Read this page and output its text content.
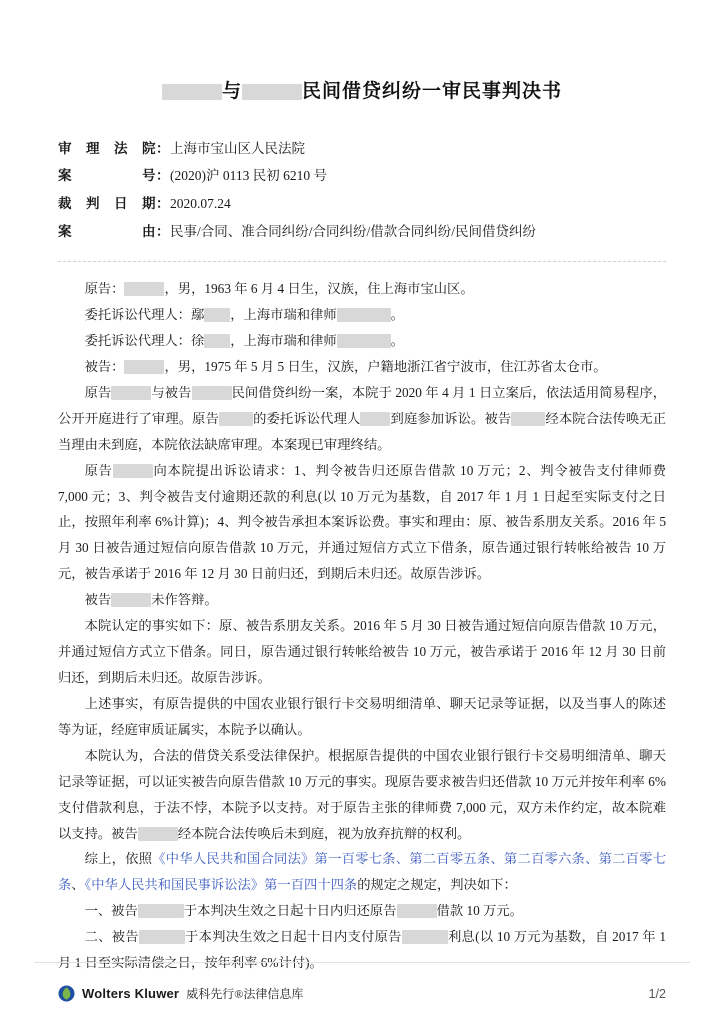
与	民间借贷纠纷一审民事判决书
审 理 法 院： 上海市宝山区人民法院
案	号： (2020)沪 0113 民初 6210 号
裁 判 日 期： 2020.07.24
案	由： 民事/合同、准合同纠纷/合同纠纷/借款合同纠纷/民间借贷纠纷

原告：	，男，1963 年 6 月 4 日生，汉族，住上海市宝山区。

委托诉讼代理人：鄢 ，上海市瑞和律师	。

委托诉讼代理人：徐 ，上海市瑞和律师	。

被告：	，男，1975 年 5 月 5 日生，汉族，户籍地浙江省宁波市，住江苏省太仓市。

原告	与被告	民间借贷纠纷一案，本院于 2020 年 4 月 1 日立案后，依法适用简易程序，公开开庭进行了审理。原告	的委托诉讼代理人 到庭参加诉讼。被告	经本院合法传唤无正当理由未到庭，本院依法缺席审理。本案现已审理终结。

原告	向本院提出诉讼请求：1、判令被告归还原告借款 10 万元；2、判令被告支付律师费 7,000 元；3、判令被告支付逾期还款的利息(以 10 万元为基数，自 2017 年 1 月 1 日起至实际支付之日止，按照年利率 6%计算)；4、判令被告承担本案诉讼费。事实和理由：原、被告系朋友关系。2016 年 5 月 30 日被告通过短信向原告借款 10 万元，并通过短信方式立下借条，原告通过银行转帐给被告 10 万元，被告承诺于 2016 年 12 月 30 日前归还，到期后未归还。故原告涉诉。

被告	未作答辩。

本院认定的事实如下：原、被告系朋友关系。2016 年 5 月 30 日被告通过短信向原告借款 10 万元，并通过短信方式立下借条。同日，原告通过银行转帐给被告 10 万元，被告承诺于 2016 年 12 月 30 日前归还，到期后未归还。故原告涉诉。

上述事实，有原告提供的中国农业银行银行卡交易明细清单、聊天记录等证据，以及当事人的陈述等为证，经庭审质证属实，本院予以确认。

本院认为，合法的借贷关系受法律保护。根据原告提供的中国农业银行银行卡交易明细清单、聊天记录等证据，可以证实被告向原告借款 10 万元的事实。现原告要求被告归还借款 10 万元并按年利率 6%支付借款利息，于法不悖，本院予以支持。对于原告主张的律师费 7,000 元，双方未作约定，故本院难以支持。被告	经本院合法传唤后未到庭，视为放弃抗辩的权利。

综上，依照《中华人民共和国合同法》第一百零七条、第二百零五条、第二百零六条、第二百零七条、《中华人民共和国民事诉讼法》第一百四十四条的规定之规定，判决如下：

一、被告	于本判决生效之日起十日内归还原告	借款 10 万元。

二、被告	于本判决生效之日起十日内支付原告	利息(以 10 万元为基数，自 2017 年 1 月 1 日至实际清偿之日，按年利率 6%计付)。

Wolters Kluwer 威科先行®法律信息库	1/2
